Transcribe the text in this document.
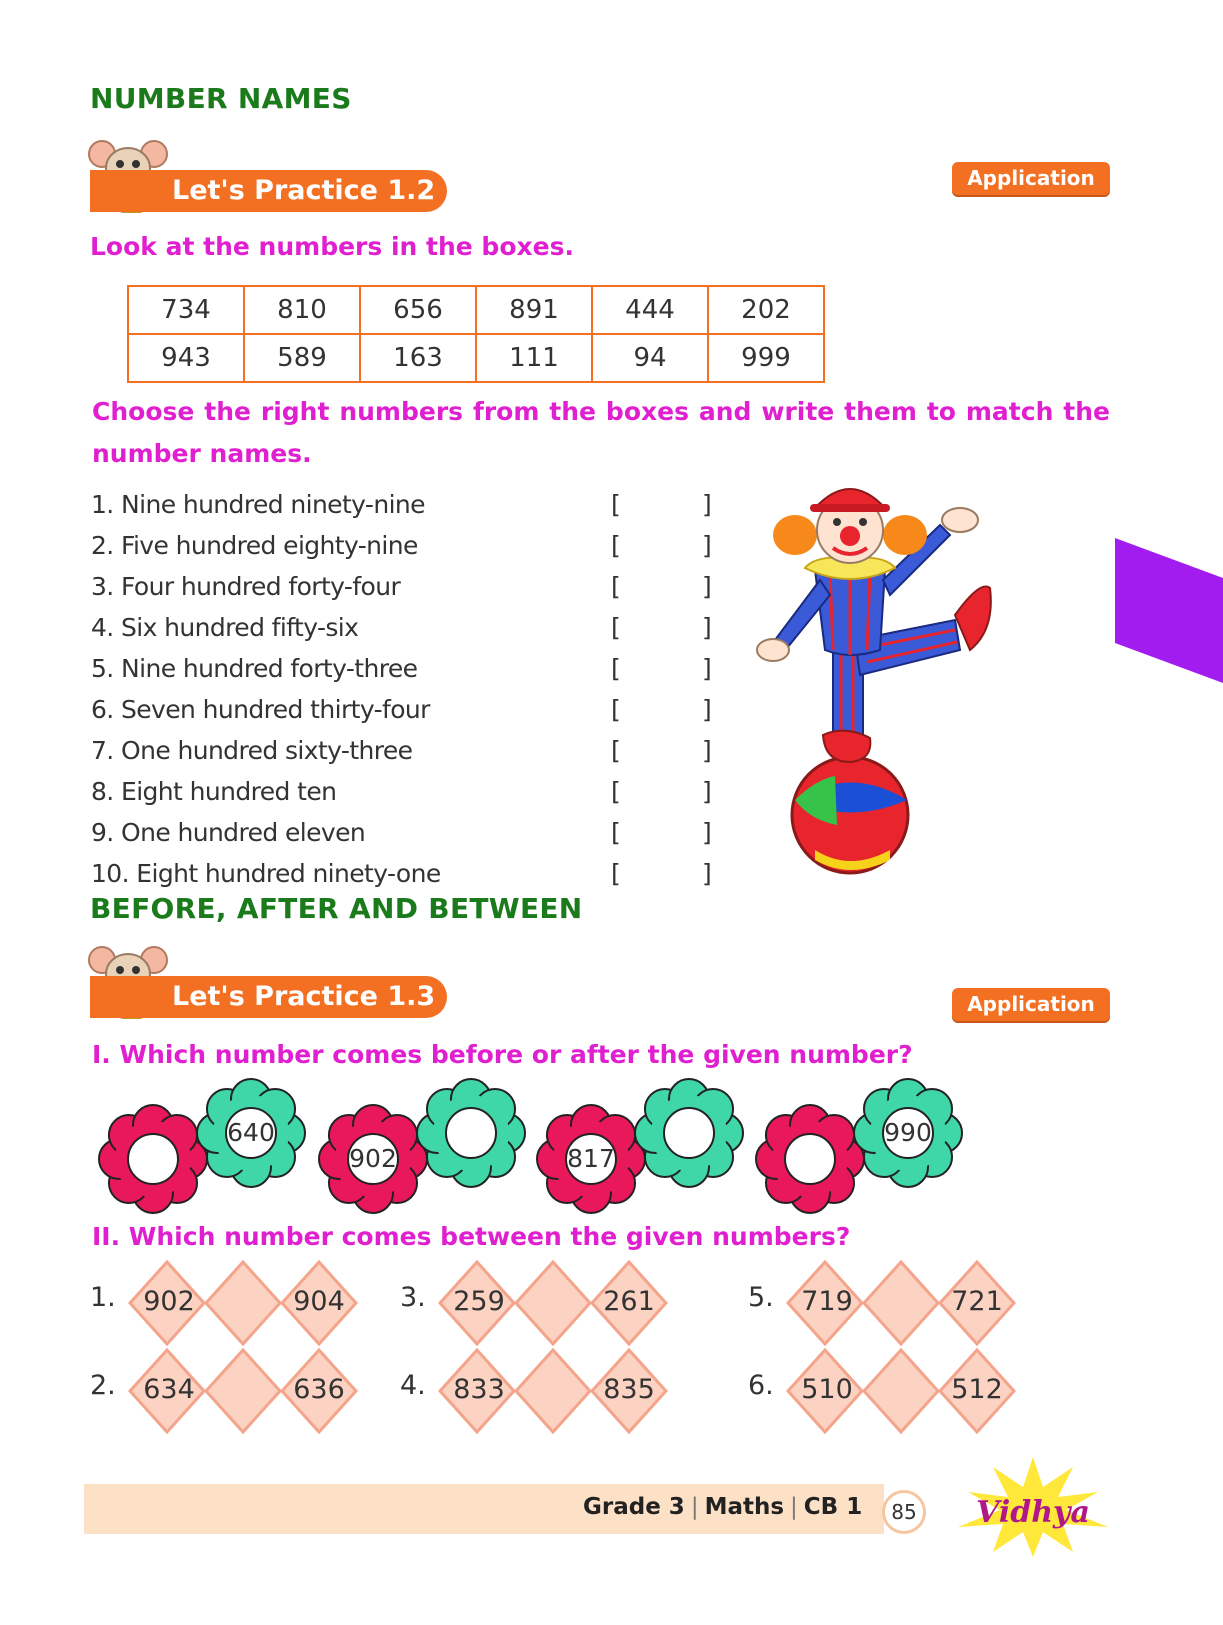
NUMBER NAMES
Let's Practice 1.2	Application
Look at the numbers in the boxes.
734	810	656	891	444	202
943	589	163	111	94	999
Choose the right numbers from the boxes and write them to match the
number names.
1. Nine hundred ninety-nine	[	]
2. Five hundred eighty-nine	[	]
3. Four hundred forty-four	[	]
4. Six hundred fifty-six	[	]
5. Nine hundred forty-three	[	]
6. Seven hundred thirty-four	[	]
7. One hundred sixty-three	[	]
8. Eight hundred ten	[	]
9. One hundred eleven	[	]
10. Eight hundred ninety-one	[	]
BEFORE, AFTER AND BETWEEN
Let's Practice 1.3	Application
I. Which number comes before or after the given number?
640
902	817
990
II. Which number comes between the given numbers?
1.	902	904
2.	634	636
3.	259	261
4.	833	835
5.	719	721
6.	510	512
Grade 3 | Maths | CB 1	85	Vidhya
